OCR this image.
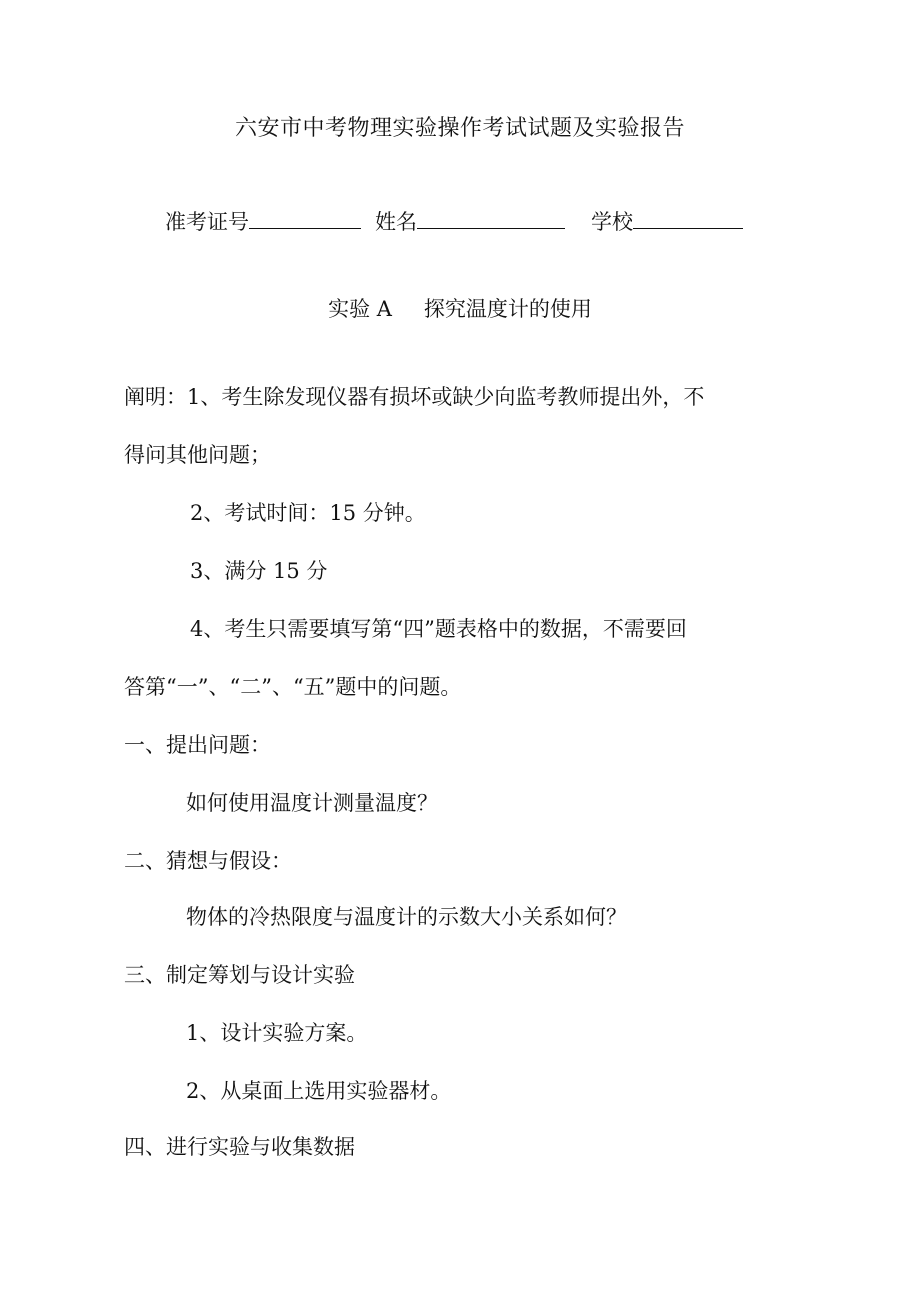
六安市中考物理实验操作考试试题及实验报告
准考证号	姓名	学校
实验 A 探究温度计的使用
阐明：1、考生除发现仪器有损坏或缺少向监考教师提出外，不
得问其他问题；
2、考试时间：15 分钟。
3、满分 15 分
4、考生只需要填写第“四”题表格中的数据，不需要回
答第“一”、“二”、“五”题中的问题。
一、提出问题：
如何使用温度计测量温度？
二、猜想与假设：
物体的冷热限度与温度计的示数大小关系如何？
三、制定筹划与设计实验
1、设计实验方案。
2、从桌面上选用实验器材。
四、进行实验与收集数据
